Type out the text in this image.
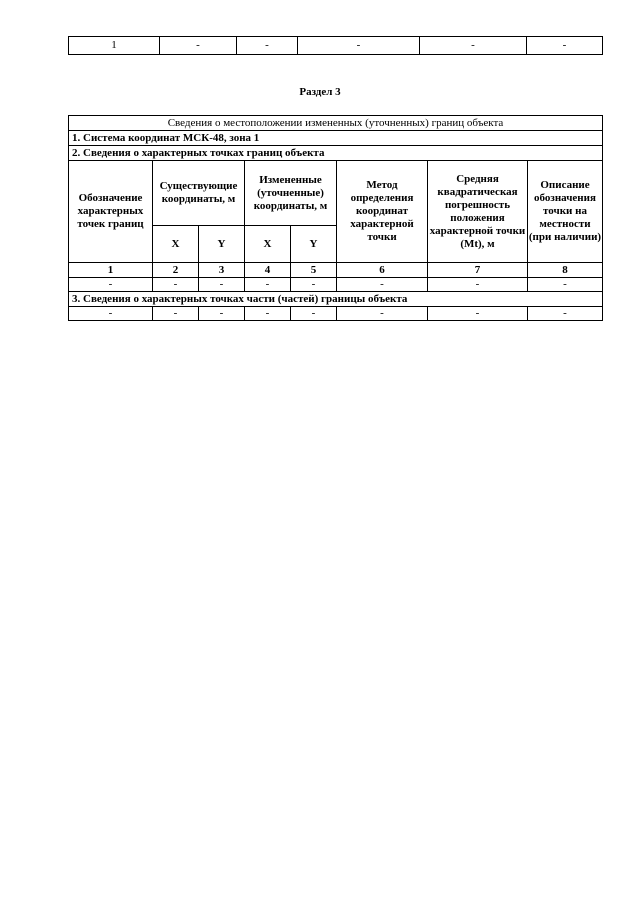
1	-	-	-	-	-
Раздел 3
Сведения о местоположении измененных (уточненных) границ объекта							
1. Система координат МСК-48, зона 1							
2. Сведения о характерных точках границ объекта							
Обозначение характерных точек границ	Существующие координаты, м		Измененные (уточненные) координаты, м		Метод определения координат характерной точки	Средняя квадратическая погрешность положения характерной точки (Mt), м	Описание обозначения точки на местности (при наличии)
	X	Y	X	Y			
1	2	3	4	5	6	7	8
-	-	-	-	-	-	-	-
3. Сведения о характерных точках части (частей) границы объекта							
-	-	-	-	-	-	-	-
